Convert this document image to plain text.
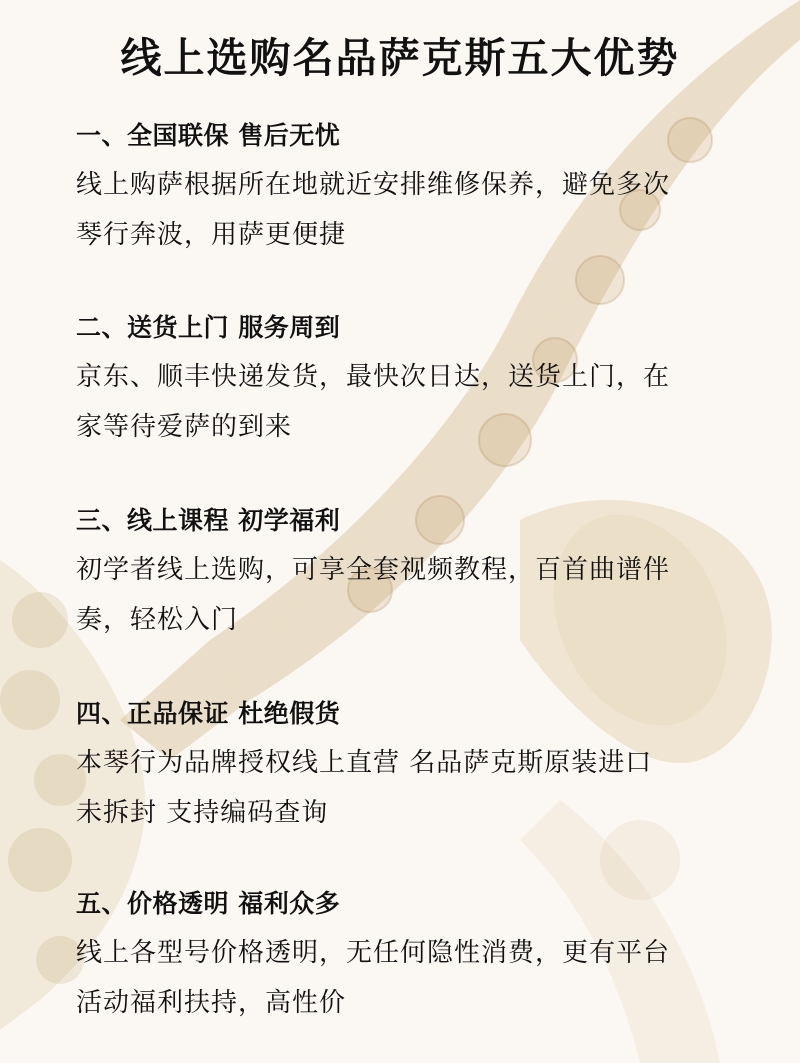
线上选购名品萨克斯五大优势

一、全国联保 售后无忧

线上购萨根据所在地就近安排维修保养，避免多次
琴行奔波，用萨更便捷

二、送货上门 服务周到

京东、顺丰快递发货，最快次日达，送货上门，在
家等待爱萨的到来

三、线上课程 初学福利

初学者线上选购，可享全套视频教程，百首曲谱伴
奏，轻松入门

四、正品保证 杜绝假货

本琴行为品牌授权线上直营 名品萨克斯原装进口
未拆封 支持编码查询

五、价格透明 福利众多

线上各型号价格透明，无任何隐性消费，更有平台
活动福利扶持，高性价
